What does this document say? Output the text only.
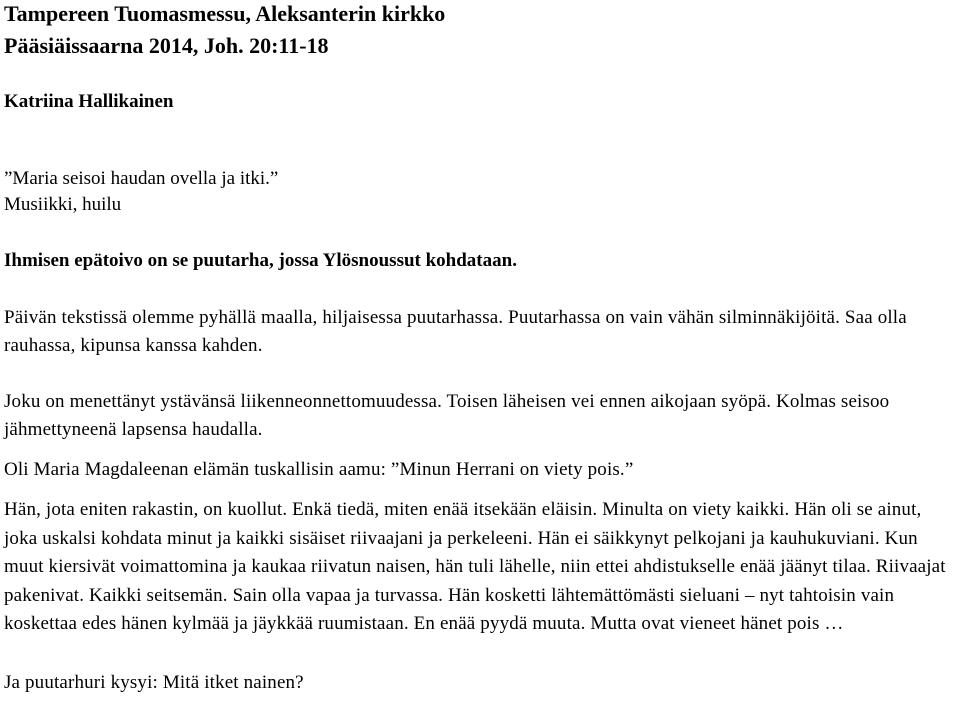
Tampereen Tuomasmessu, Aleksanterin kirkko
Pääsiäissaarna 2014, Joh. 20:11-18
Katriina Hallikainen
”Maria seisoi haudan ovella ja itki.”
Musiikki, huilu
Ihmisen epätoivo on se puutarha, jossa Ylösnoussut kohdataan.

Päivän tekstissä olemme pyhällä maalla, hiljaisessa puutarhassa. Puutarhassa on vain vähän silminnäkijöitä. Saa olla rauhassa, kipunsa kanssa kahden.

Joku on menettänyt ystävänsä liikenneonnettomuudessa. Toisen läheisen vei ennen aikojaan syöpä. Kolmas seisoo jähmettyneenä lapsensa haudalla.

Oli Maria Magdaleenan elämän tuskallisin aamu: ”Minun Herrani on viety pois.”

Hän, jota eniten rakastin, on kuollut. Enkä tiedä, miten enää itsekään eläisin. Minulta on viety kaikki. Hän oli se ainut, joka uskalsi kohdata minut ja kaikki sisäiset riivaajani ja perkeleeni. Hän ei säikkynyt pelkojani ja kauhukuviani. Kun muut kiersivät voimattomina ja kaukaa riivatun naisen, hän tuli lähelle, niin ettei ahdistukselle enää jäänyt tilaa. Riivaajat pakenivat. Kaikki seitsemän. Sain olla vapaa ja turvassa. Hän kosketti lähtemättömästi sieluani – nyt tahtoisin vain koskettaa edes hänen kylmää ja jäykkää ruumistaan. En enää pyydä muuta. Mutta ovat vieneet hänet pois …

Ja puutarhuri kysyi: Mitä itket nainen?
